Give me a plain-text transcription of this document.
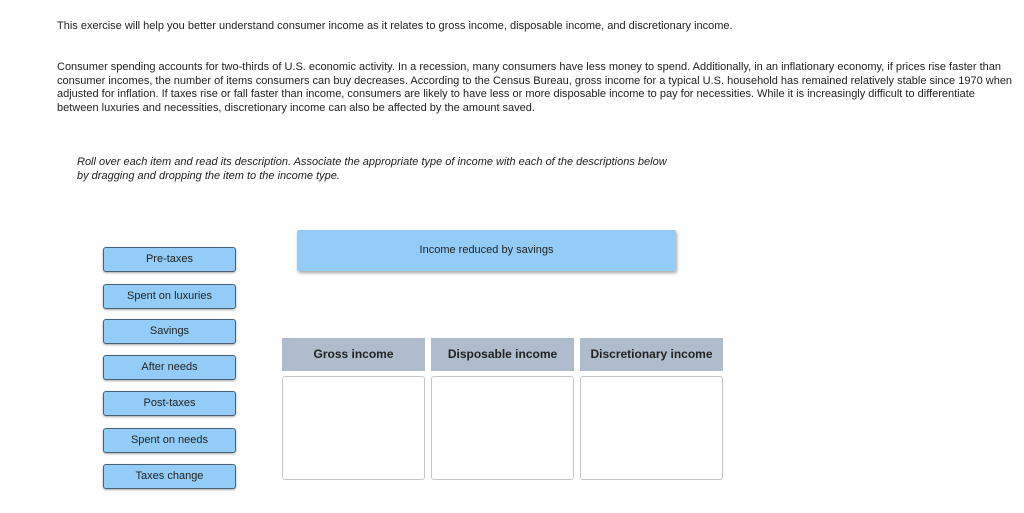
This exercise will help you better understand consumer income as it relates to gross income, disposable income, and discretionary income.

Consumer spending accounts for two-thirds of U.S. economic activity. In a recession, many consumers have less money to spend. Additionally, in an inflationary economy, if prices rise faster than consumer incomes, the number of items consumers can buy decreases. According to the Census Bureau, gross income for a typical U.S. household has remained relatively stable since 1970 when adjusted for inflation. If taxes rise or fall faster than income, consumers are likely to have less or more disposable income to pay for necessities. While it is increasingly difficult to differentiate between luxuries and necessities, discretionary income can also be affected by the amount saved.

Roll over each item and read its description. Associate the appropriate type of income with each of the descriptions below by dragging and dropping the item to the income type.

Pre-taxes
Spent on luxuries
Savings
After needs
Post-taxes
Spent on needs
Taxes change
Income reduced by savings
Gross income	Disposable income	Discretionary income
